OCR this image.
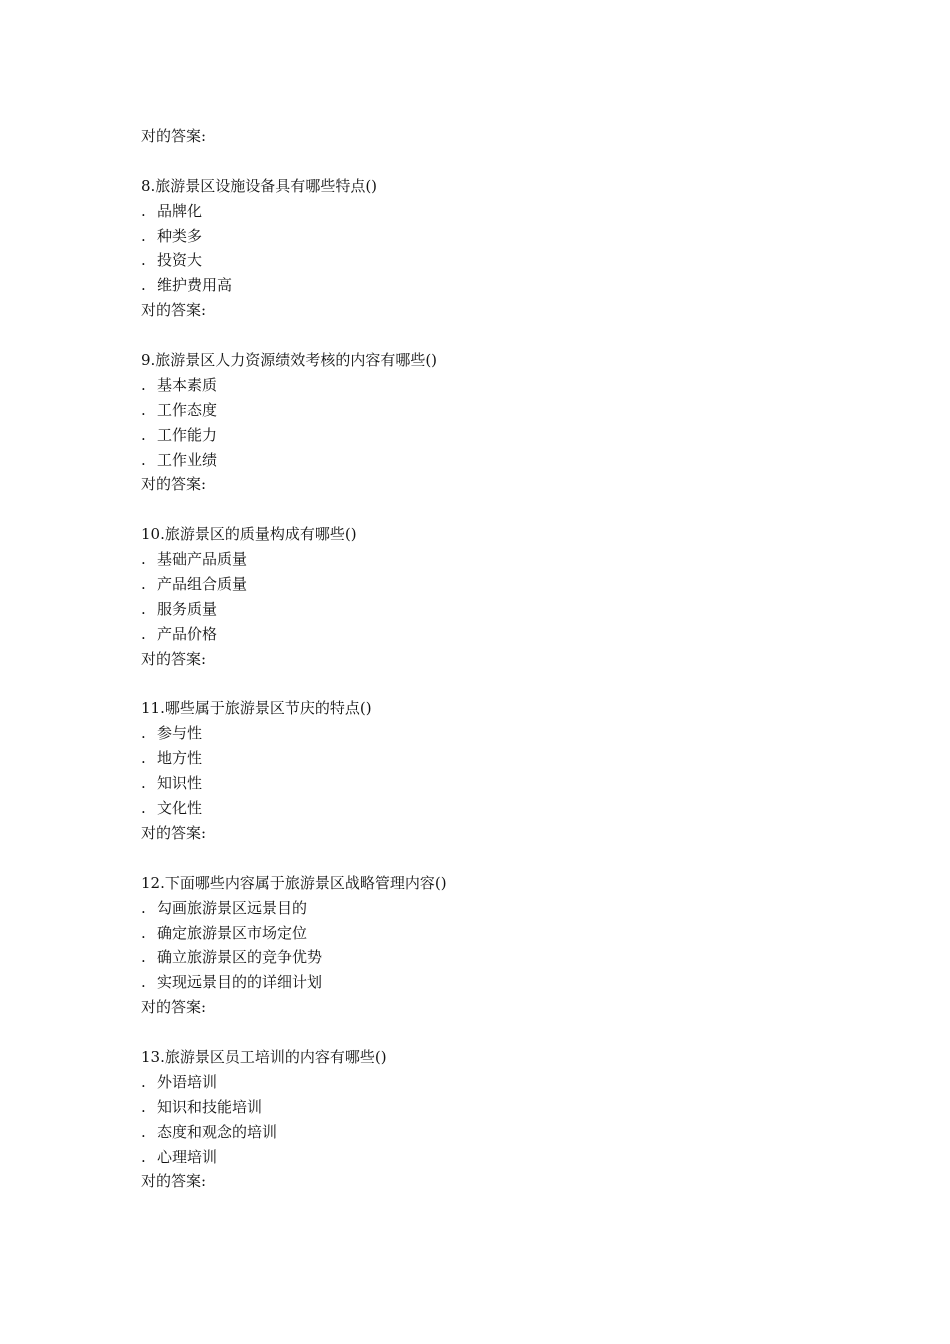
对的答案:
8.旅游景区设施设备具有哪些特点()
. 品牌化
. 种类多
. 投资大
. 维护费用高
对的答案:
9.旅游景区人力资源绩效考核的内容有哪些()
. 基本素质
. 工作态度
. 工作能力
. 工作业绩
对的答案:
10.旅游景区的质量构成有哪些()
. 基础产品质量
. 产品组合质量
. 服务质量
. 产品价格
对的答案:
11.哪些属于旅游景区节庆的特点()
. 参与性
. 地方性
. 知识性
. 文化性
对的答案:
12.下面哪些内容属于旅游景区战略管理内容()
. 勾画旅游景区远景目的
. 确定旅游景区市场定位
. 确立旅游景区的竞争优势
. 实现远景目的的详细计划
对的答案:
13.旅游景区员工培训的内容有哪些()
. 外语培训
. 知识和技能培训
. 态度和观念的培训
. 心理培训
对的答案:
